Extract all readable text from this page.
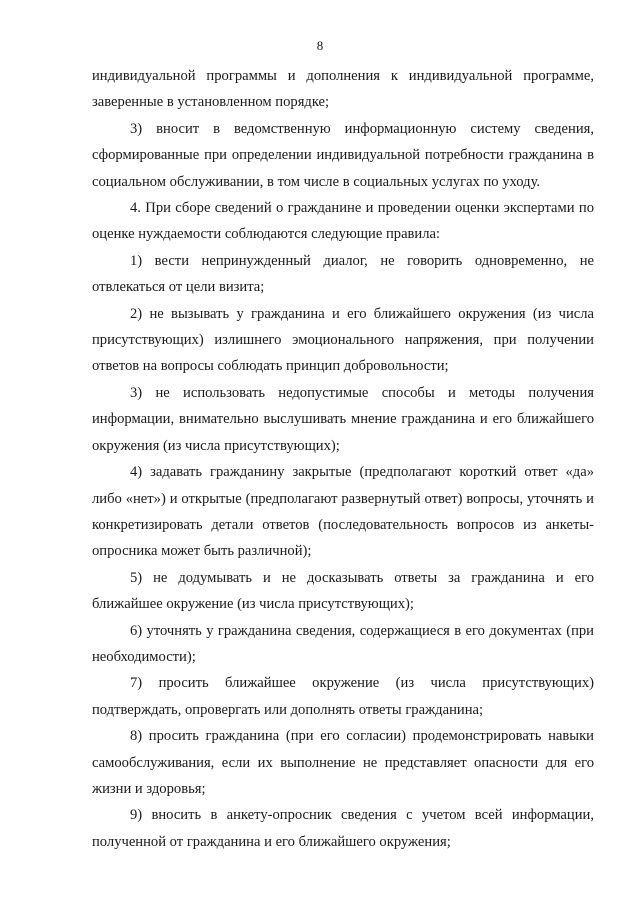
8

индивидуальной программы и дополнения к индивидуальной программе, заверенные в установленном порядке;

3) вносит в ведомственную информационную систему сведения, сформированные при определении индивидуальной потребности гражданина в социальном обслуживании, в том числе в социальных услугах по уходу.

4. При сборе сведений о гражданине и проведении оценки экспертами по оценке нуждаемости соблюдаются следующие правила:

1) вести непринужденный диалог, не говорить одновременно, не отвлекаться от цели визита;

2) не вызывать у гражданина и его ближайшего окружения (из числа присутствующих) излишнего эмоционального напряжения, при получении ответов на вопросы соблюдать принцип добровольности;

3) не использовать недопустимые способы и методы получения информации, внимательно выслушивать мнение гражданина и его ближайшего окружения (из числа присутствующих);

4) задавать гражданину закрытые (предполагают короткий ответ «да» либо «нет») и открытые (предполагают развернутый ответ) вопросы, уточнять и конкретизировать детали ответов (последовательность вопросов из анкеты-опросника может быть различной);

5) не додумывать и не досказывать ответы за гражданина и его ближайшее окружение (из числа присутствующих);

6) уточнять у гражданина сведения, содержащиеся в его документах (при необходимости);

7) просить ближайшее окружение (из числа присутствующих) подтверждать, опровергать или дополнять ответы гражданина;

8) просить гражданина (при его согласии) продемонстрировать навыки самообслуживания, если их выполнение не представляет опасности для его жизни и здоровья;

9) вносить в анкету-опросник сведения с учетом всей информации, полученной от гражданина и его ближайшего окружения;
